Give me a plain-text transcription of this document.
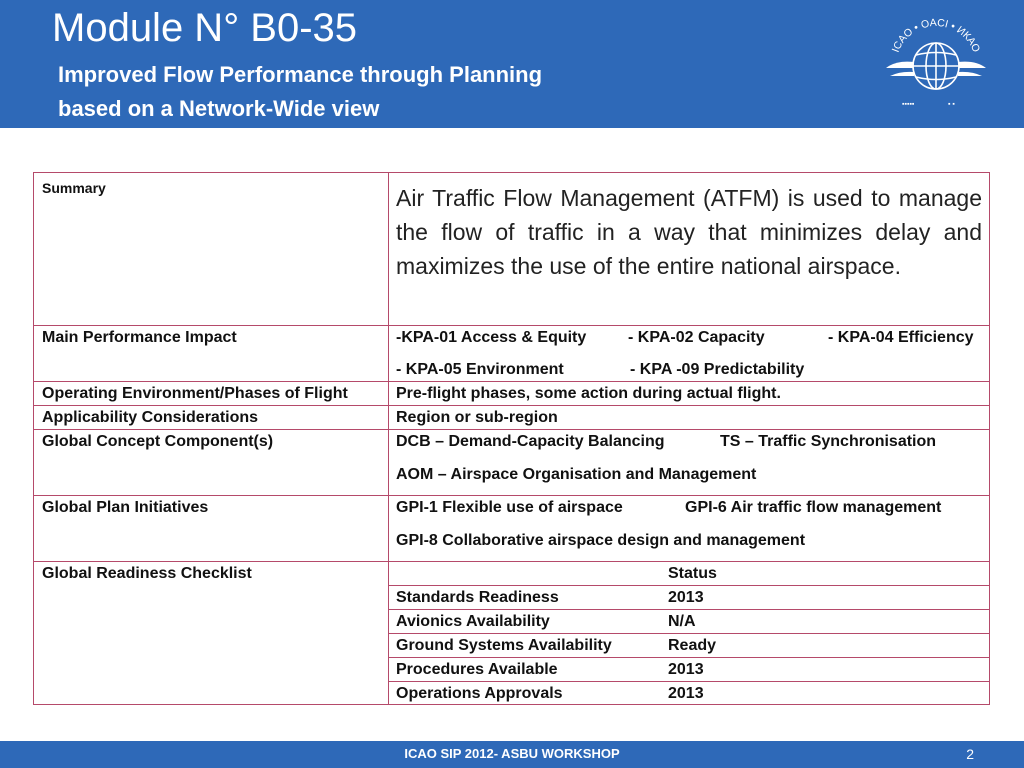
Module N° B0-35
Improved Flow Performance through Planning
based on a Network-Wide view
ICAO • OACI • ИКАО
▪▪▪▪▪	▪ ▪
Summary	Air Traffic Flow Management (ATFM) is used to manage the flow of traffic in a way that minimizes delay and maximizes the use of the entire national airspace.
Main Performance Impact	-KPA-01 Access & Equity	- KPA-02 Capacity	- KPA-04 Efficiency
- KPA-05 Environment	- KPA -09 Predictability
Operating Environment/Phases of Flight	Pre-flight phases, some action during actual flight.
Applicability Considerations	Region or sub-region
Global Concept Component(s)	DCB – Demand-Capacity Balancing	TS – Traffic Synchronisation
AOM – Airspace Organisation and Management
Global Plan Initiatives	GPI-1 Flexible use of airspace	GPI-6 Air traffic flow management
GPI-8 Collaborative airspace design and management
Global Readiness Checklist	Status
Standards Readiness	2013
Avionics Availability	N/A
Ground Systems Availability	Ready
Procedures Available	2013
Operations Approvals	2013
ICAO SIP 2012- ASBU WORKSHOP	2
